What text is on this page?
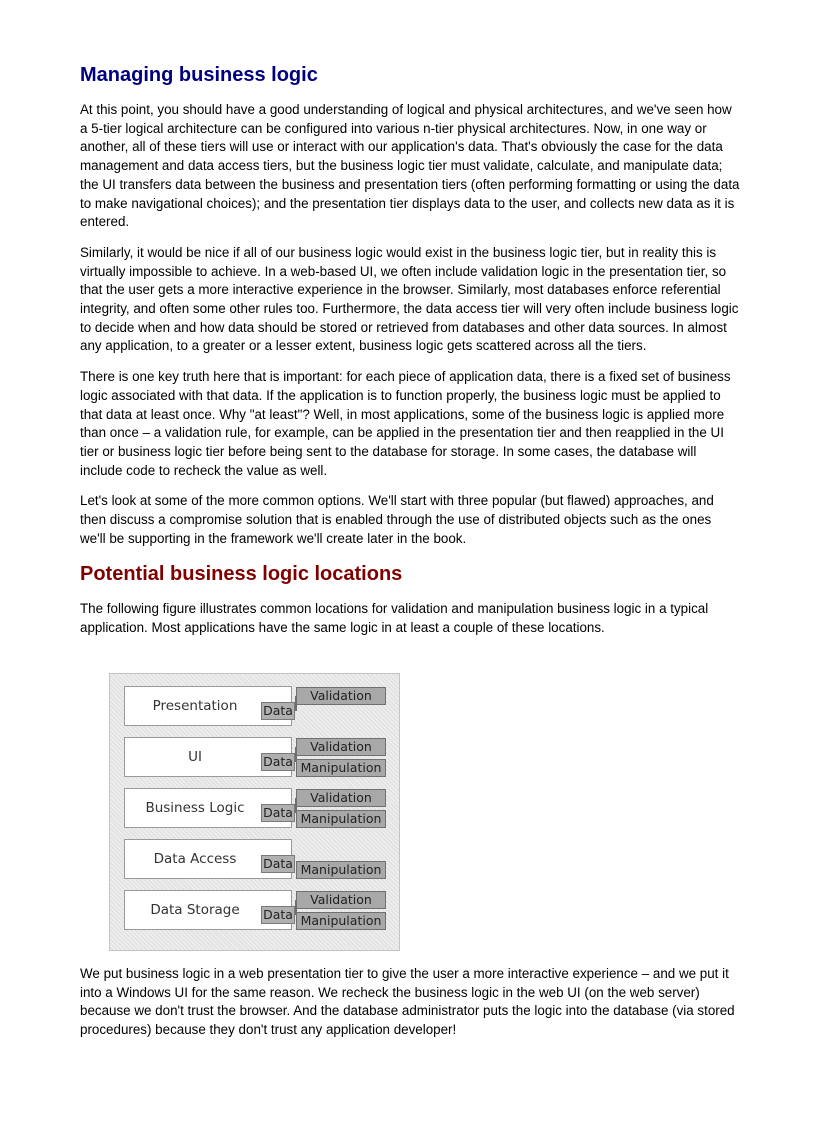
Managing business logic

At this point, you should have a good understanding of logical and physical architectures, and we've seen how a 5-tier logical architecture can be configured into various n-tier physical architectures. Now, in one way or another, all of these tiers will use or interact with our application's data. That's obviously the case for the data management and data access tiers, but the business logic tier must validate, calculate, and manipulate data; the UI transfers data between the business and presentation tiers (often performing formatting or using the data to make navigational choices); and the presentation tier displays data to the user, and collects new data as it is entered.

Similarly, it would be nice if all of our business logic would exist in the business logic tier, but in reality this is virtually impossible to achieve. In a web-based UI, we often include validation logic in the presentation tier, so that the user gets a more interactive experience in the browser. Similarly, most databases enforce referential integrity, and often some other rules too. Furthermore, the data access tier will very often include business logic to decide when and how data should be stored or retrieved from databases and other data sources. In almost any application, to a greater or a lesser extent, business logic gets scattered across all the tiers.

There is one key truth here that is important: for each piece of application data, there is a fixed set of business logic associated with that data. If the application is to function properly, the business logic must be applied to that data at least once. Why "at least"? Well, in most applications, some of the business logic is applied more than once – a validation rule, for example, can be applied in the presentation tier and then reapplied in the UI tier or business logic tier before being sent to the database for storage. In some cases, the database will include code to recheck the value as well.

Let's look at some of the more common options. We'll start with three popular (but flawed) approaches, and then discuss a compromise solution that is enabled through the use of distributed objects such as the ones we'll be supporting in the framework we'll create later in the book.

Potential business logic locations

The following figure illustrates common locations for validation and manipulation business logic in a typical application. Most applications have the same logic in at least a couple of these locations.

Presentation	Data
Validation
UI	Data
Validation
Manipulation
Business Logic	Data
Validation
Manipulation
Data Access	Data Manipulation
Data Storage	Data
Validation
Manipulation

We put business logic in a web presentation tier to give the user a more interactive experience – and we put it into a Windows UI for the same reason. We recheck the business logic in the web UI (on the web server) because we don't trust the browser. And the database administrator puts the logic into the database (via stored procedures) because they don't trust any application developer!
